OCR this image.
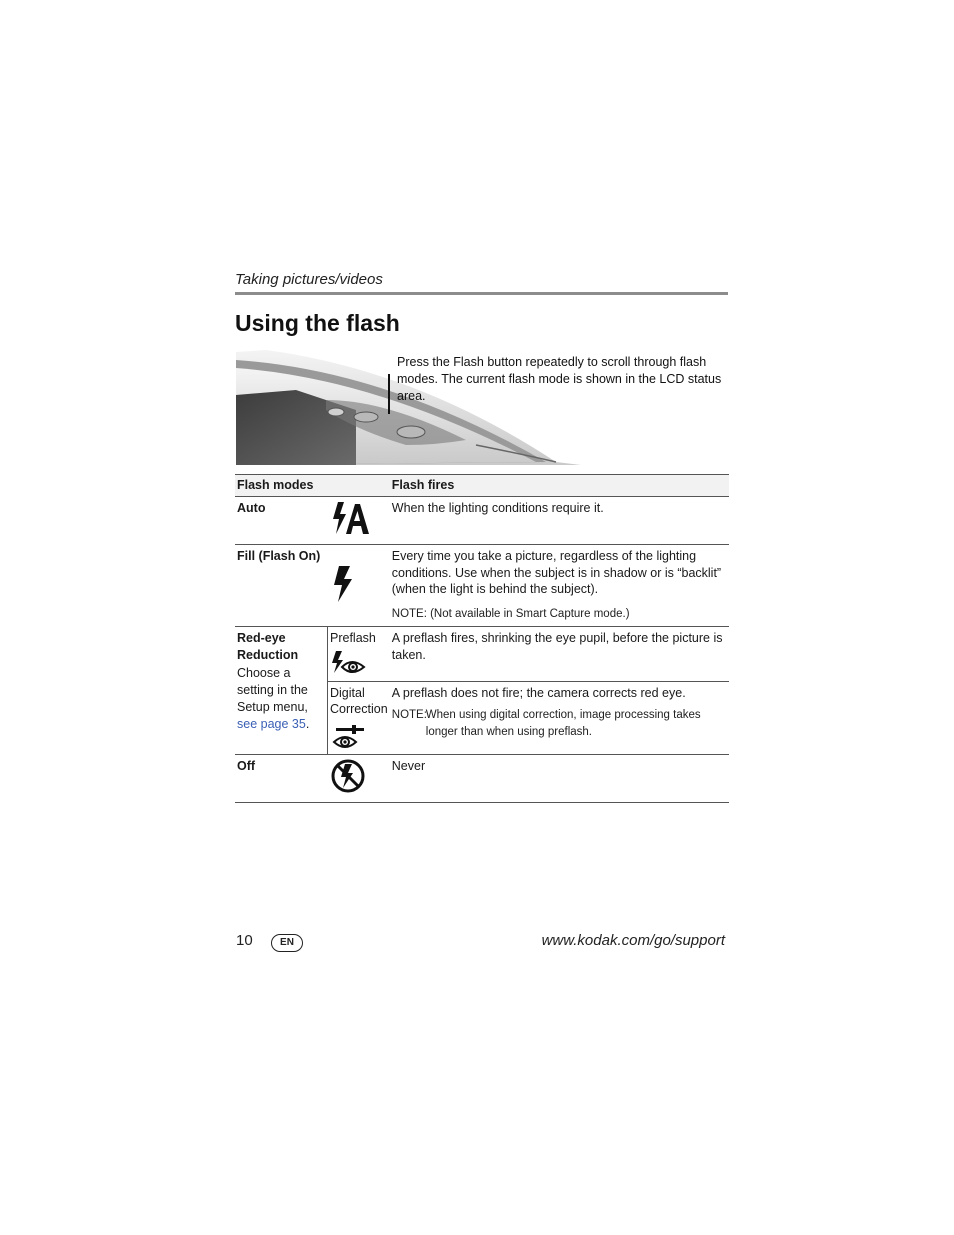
Taking pictures/videos
Using the flash
Press the Flash button repeatedly to scroll through flash modes. The current flash mode is shown in the LCD status area.
Flash modes		Flash fires
Auto		When the lighting conditions require it.
Fill (Flash On)		Every time you take a picture, regardless of the lighting conditions. Use when the subject is in shadow or is “backlit” (when the light is behind the subject).
NOTE: (Not available in Smart Capture mode.)

Red-eye Reduction
Choose a setting in the Setup menu, see page 35.	Preflash	A preflash fires, shrinking the eye pupil, before the picture is taken.
	Digital Correction	A preflash does not fire; the camera corrects red eye.
NOTE:
When using digital correction, image processing takes longer than when using preflash.

Off		Never
10	EN	www.kodak.com/go/support
